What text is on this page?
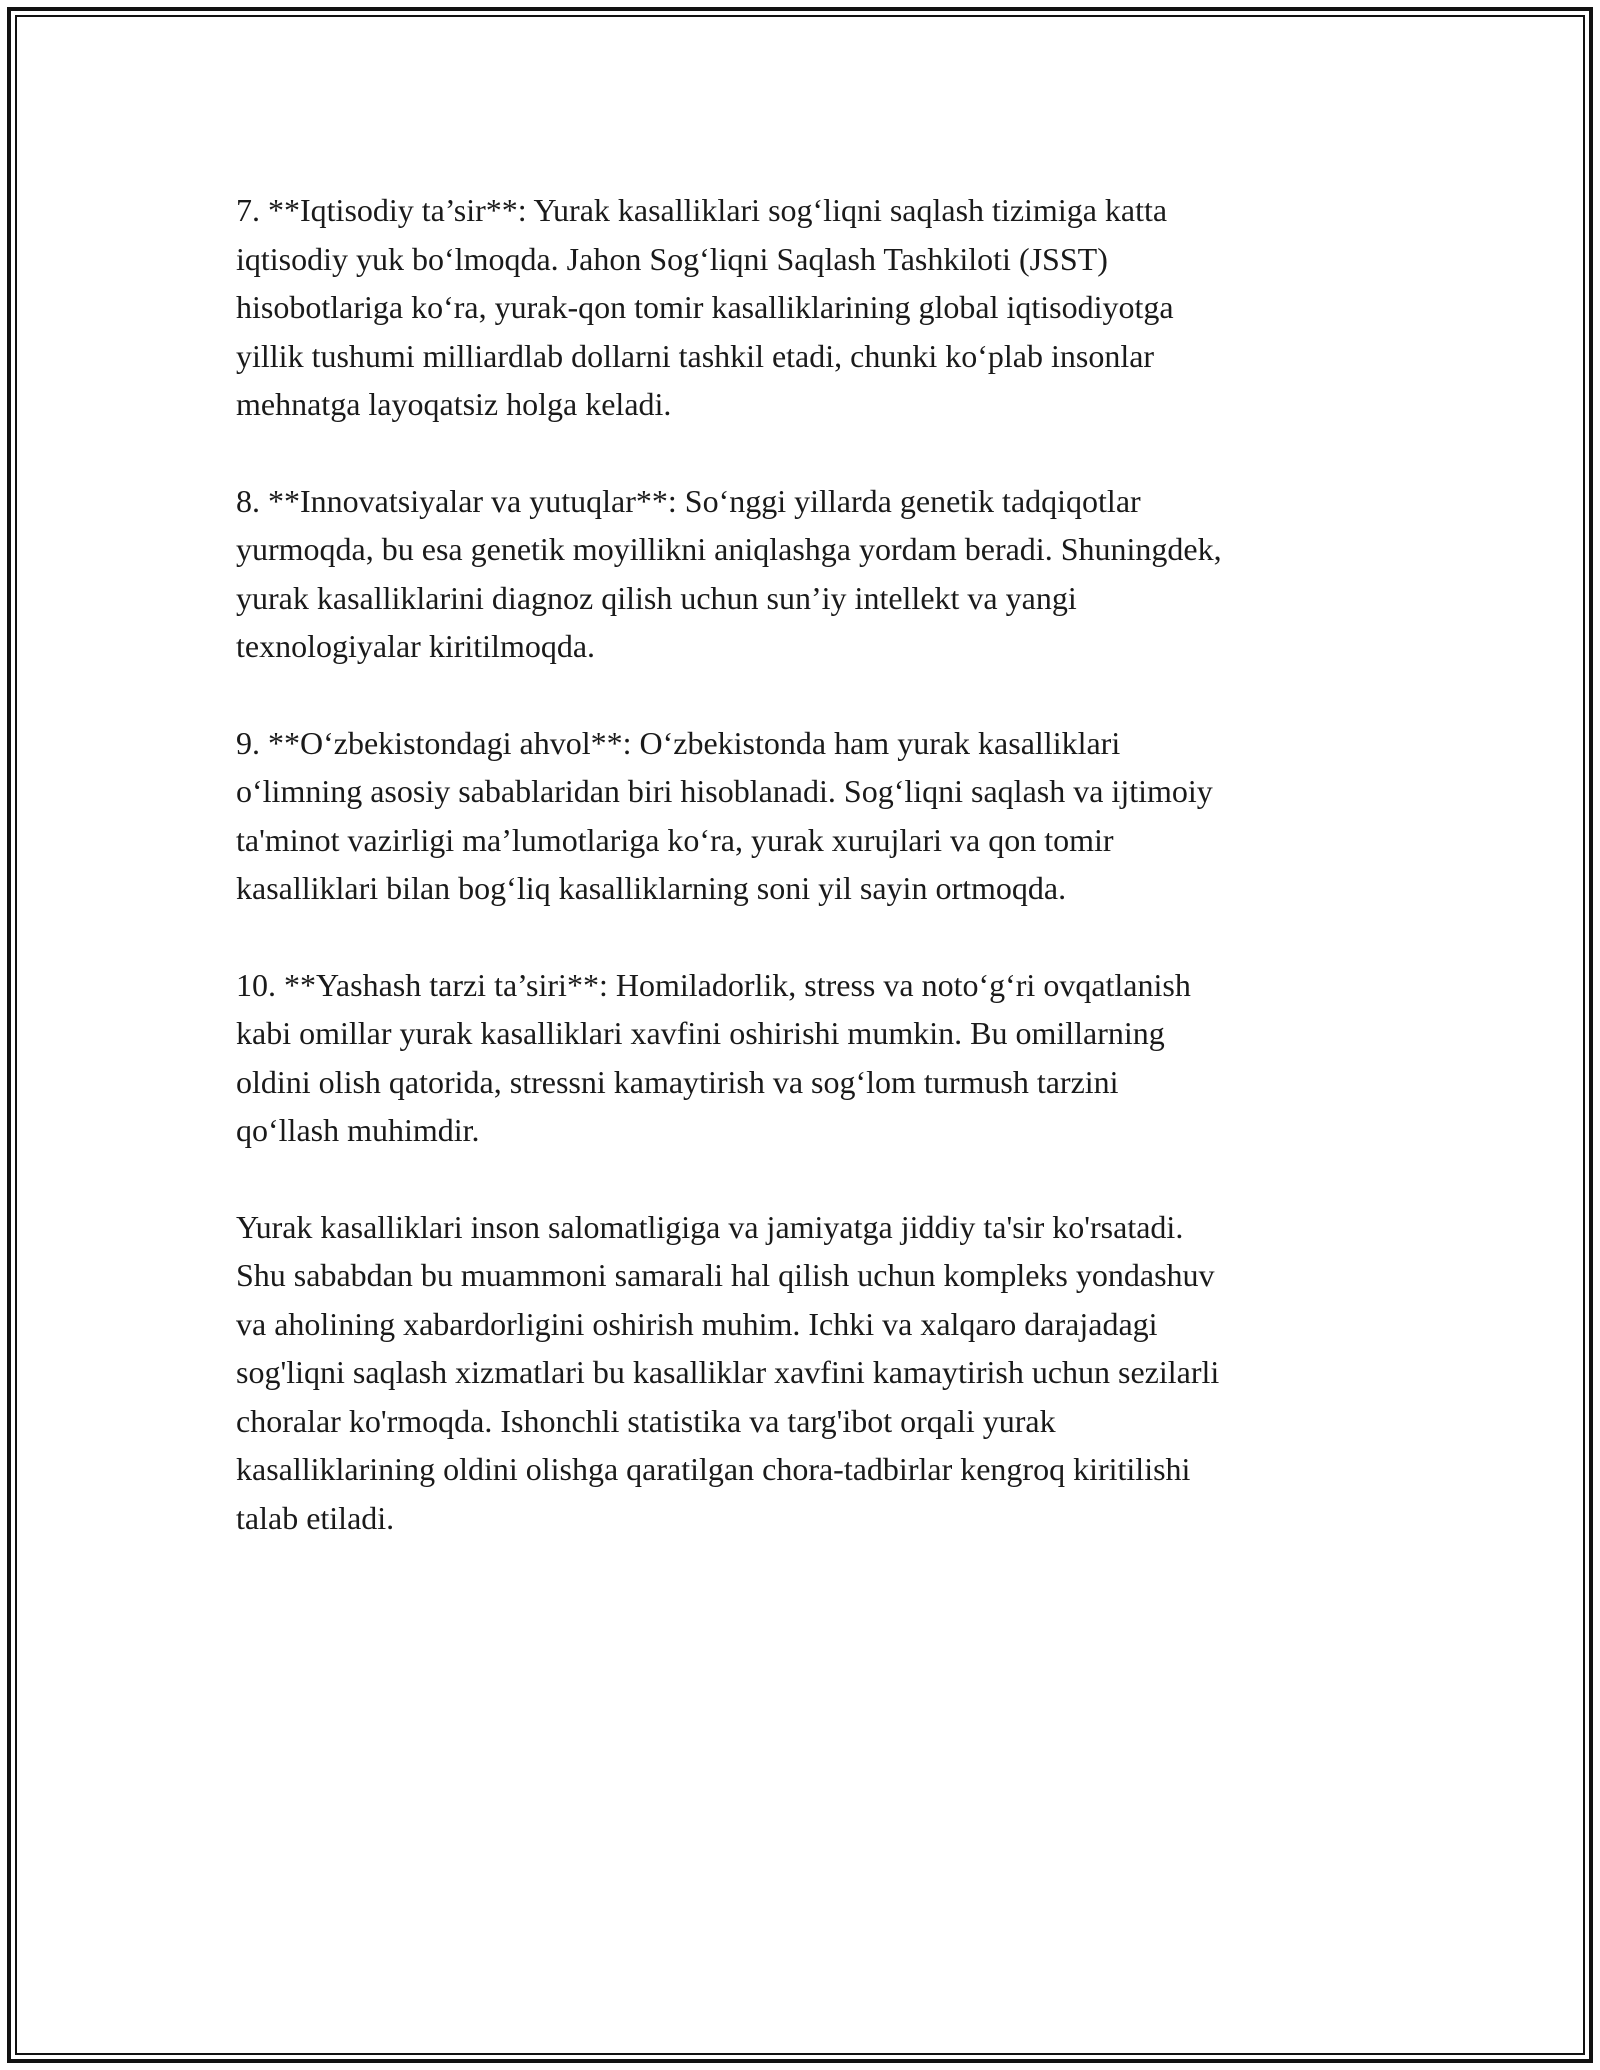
7. **Iqtisodiy ta’sir**: Yurak kasalliklari sog‘liqni saqlash tizimiga katta
iqtisodiy yuk bo‘lmoqda. Jahon Sog‘liqni Saqlash Tashkiloti (JSST)
hisobotlariga ko‘ra, yurak-qon tomir kasalliklarining global iqtisodiyotga
yillik tushumi milliardlab dollarni tashkil etadi, chunki ko‘plab insonlar
mehnatga layoqatsiz holga keladi.

8. **Innovatsiyalar va yutuqlar**: So‘nggi yillarda genetik tadqiqotlar
yurmoqda, bu esa genetik moyillikni aniqlashga yordam beradi. Shuningdek,
yurak kasalliklarini diagnoz qilish uchun sun’iy intellekt va yangi
texnologiyalar kiritilmoqda.

9. **O‘zbekistondagi ahvol**: O‘zbekistonda ham yurak kasalliklari
o‘limning asosiy sabablaridan biri hisoblanadi. Sog‘liqni saqlash va ijtimoiy
ta'minot vazirligi ma’lumotlariga ko‘ra, yurak xurujlari va qon tomir
kasalliklari bilan bog‘liq kasalliklarning soni yil sayin ortmoqda.

10. **Yashash tarzi ta’siri**: Homiladorlik, stress va noto‘g‘ri ovqatlanish
kabi omillar yurak kasalliklari xavfini oshirishi mumkin. Bu omillarning
oldini olish qatorida, stressni kamaytirish va sog‘lom turmush tarzini
qo‘llash muhimdir.

Yurak kasalliklari inson salomatligiga va jamiyatga jiddiy ta'sir ko'rsatadi.
Shu sababdan bu muammoni samarali hal qilish uchun kompleks yondashuv
va aholining xabardorligini oshirish muhim. Ichki va xalqaro darajadagi
sog'liqni saqlash xizmatlari bu kasalliklar xavfini kamaytirish uchun sezilarli
choralar ko'rmoqda. Ishonchli statistika va targ'ibot orqali yurak
kasalliklarining oldini olishga qaratilgan chora-tadbirlar kengroq kiritilishi
talab etiladi.
